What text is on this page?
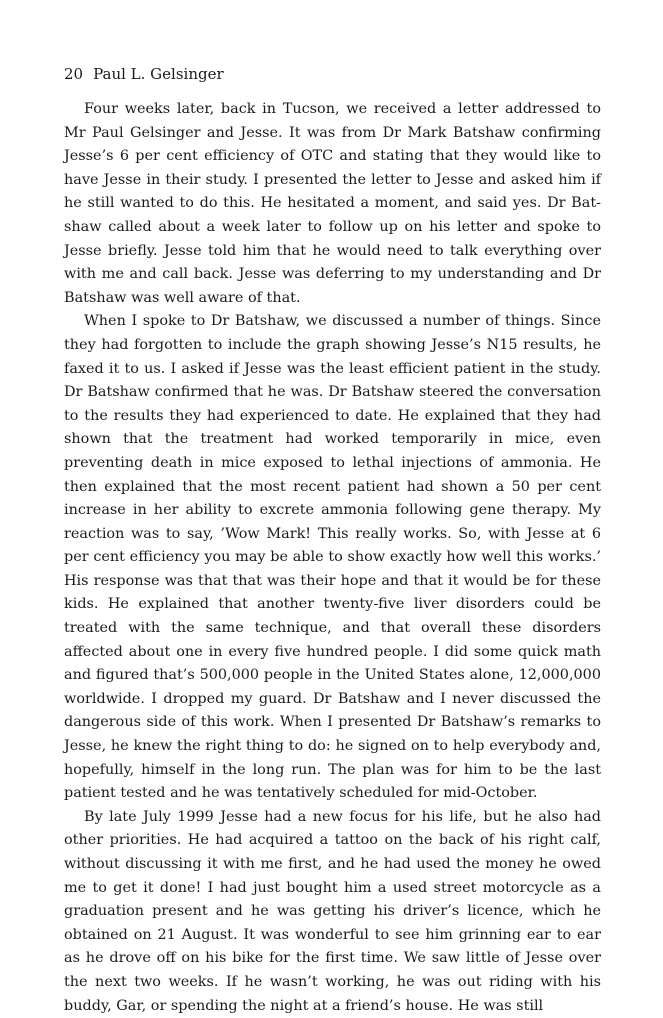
20 Paul L. Gelsinger

Four weeks later, back in Tucson, we received a letter addressed to Mr Paul Gelsinger and Jesse. It was from Dr Mark Batshaw confirming Jesse’s 6 per cent efficiency of OTC and stating that they would like to have Jesse in their study. I presented the letter to Jesse and asked him if he still wanted to do this. He hesitated a moment, and said yes. Dr Batshaw called about a week later to follow up on his letter and spoke to Jesse briefly. Jesse told him that he would need to talk everything over with me and call back. Jesse was deferring to my understanding and Dr Batshaw was well aware of that.

When I spoke to Dr Batshaw, we discussed a number of things. Since they had forgotten to include the graph showing Jesse’s N15 results, he faxed it to us. I asked if Jesse was the least efficient patient in the study. Dr Batshaw confirmed that he was. Dr Batshaw steered the conversation to the results they had experienced to date. He explained that they had shown that the treatment had worked temporarily in mice, even preventing death in mice exposed to lethal injections of ammonia. He then explained that the most recent patient had shown a 50 per cent increase in her ability to excrete ammonia following gene therapy. My reaction was to say, ’Wow Mark! This really works. So, with Jesse at 6 per cent efficiency you may be able to show exactly how well this works.’ His response was that that was their hope and that it would be for these kids. He explained that another twenty-five liver disorders could be treated with the same technique, and that overall these disorders affected about one in every five hundred people. I did some quick math and figured that’s 500,000 people in the United States alone, 12,000,000 worldwide. I dropped my guard. Dr Batshaw and I never discussed the dangerous side of this work. When I presented Dr Batshaw’s remarks to Jesse, he knew the right thing to do: he signed on to help everybody and, hopefully, himself in the long run. The plan was for him to be the last patient tested and he was tentatively scheduled for mid-October.

By late July 1999 Jesse had a new focus for his life, but he also had other priorities. He had acquired a tattoo on the back of his right calf, without discussing it with me first, and he had used the money he owed me to get it done! I had just bought him a used street motorcycle as a graduation present and he was getting his driver’s licence, which he obtained on 21 August. It was wonderful to see him grinning ear to ear as he drove off on his bike for the first time. We saw little of Jesse over the next two weeks. If he wasn’t working, he was out riding with his buddy, Gar, or spending the night at a friend’s house. He was still
